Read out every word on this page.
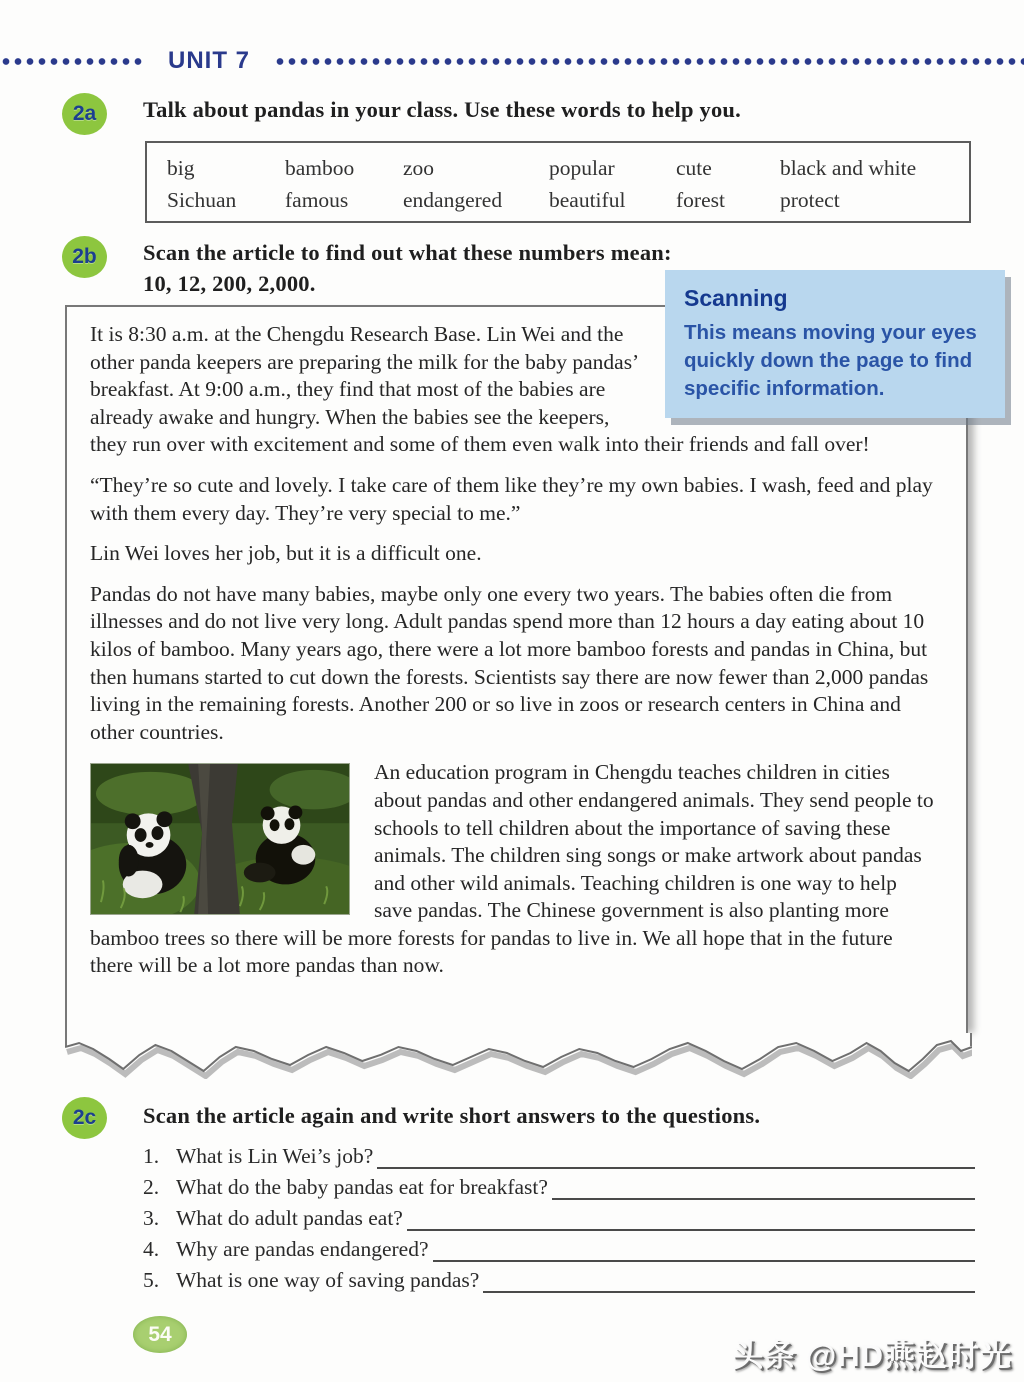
UNIT 7
2a	Talk about pandas in your class. Use these words to help you.
big	bamboo	zoo	popular	cute	black and white
Sichuan	famous	endangered	beautiful	forest	protect
2b	Scan the article to find out what these numbers mean:
10, 12, 200, 2,000.
Scanning
This means moving your eyes quickly down the page to find specific information.

It is 8:30 a.m. at the Chengdu Research Base. Lin Wei and the other panda keepers are preparing the milk for the baby pandas’ breakfast. At 9:00 a.m., they find that most of the babies are already awake and hungry. When the babies see the keepers, they run over with excitement and some of them even walk into their friends and fall over!

“They’re so cute and lovely. I take care of them like they’re my own babies. I wash, feed and play with them every day. They’re very special to me.”

Lin Wei loves her job, but it is a difficult one.

Pandas do not have many babies, maybe only one every two years. The babies often die from illnesses and do not live very long. Adult pandas spend more than 12 hours a day eating about 10 kilos of bamboo. Many years ago, there were a lot more bamboo forests and pandas in China, but then humans started to cut down the forests. Scientists say there are now fewer than 2,000 pandas living in the remaining forests. Another 200 or so live in zoos or research centers in China and other countries.

An education program in Chengdu teaches children in cities about pandas and other endangered animals. They send people to schools to tell children about the importance of saving these animals. The children sing songs or make artwork about pandas and other wild animals. Teaching children is one way to help save pandas. The Chinese government is also planting more bamboo trees so there will be more forests for pandas to live in. We all hope that in the future there will be a lot more pandas than now.

2c	Scan the article again and write short answers to the questions.
1. What is Lin Wei’s job?
2. What do the baby pandas eat for breakfast?
3. What do adult pandas eat?
4. Why are pandas endangered?
5. What is one way of saving pandas?
54
头条 @HD燕赵时光
